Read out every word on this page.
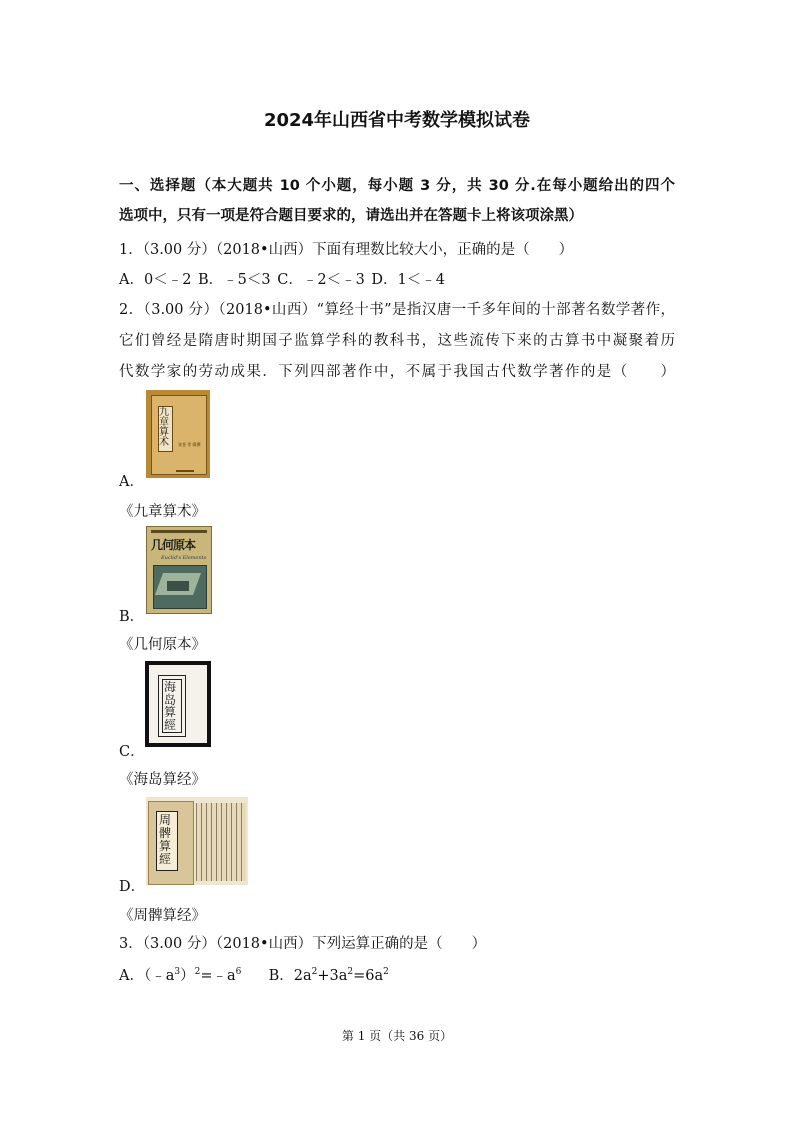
2024年山西省中考数学模拟试卷
一、选择题（本大题共 10 个小题，每小题 3 分，共 30 分.在每小题给出的四个
选项中，只有一项是符合题目要求的，请选出并在答题卡上将该项涂黑）
1．（3.00 分）（2018•山西）下面有理数比较大小，正确的是（　　）
A．0＜﹣2 B．﹣5＜3 C．﹣2＜﹣3 D．1＜﹣4
2．（3.00 分）（2018•山西）“算经十书”是指汉唐一千多年间的十部著名数学著作，
它们曾经是隋唐时期国子监算学科的教科书，这些流传下来的古算书中凝聚着历
代数学家的劳动成果．下列四部著作中，不属于我国古代数学著作的是（　　）
九章算术	张苍 等 辑撰
A．
《九章算术》
几何原本
Euclid's Elements
B．
《几何原本》
海岛算經
C．
《海岛算经》
周髀算經
D．
《周髀算经》
3．（3.00 分）（2018•山西）下列运算正确的是（　　）
A．$(﹣a^3)^2=﹣a^6$ B．$2a^2+3a^2=6a^2$
第 1 页（共 36 页）
